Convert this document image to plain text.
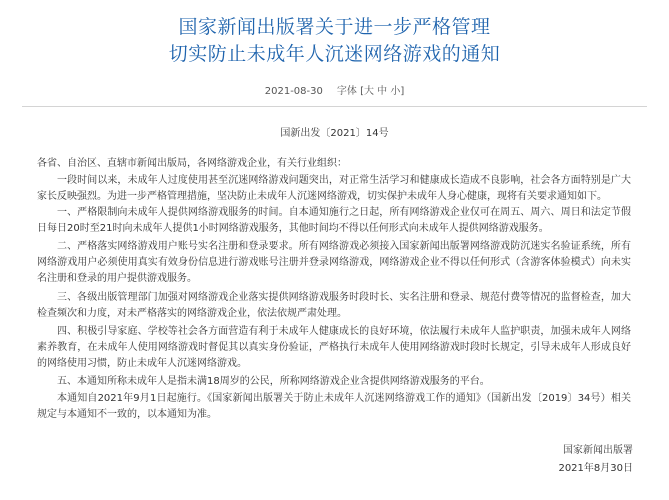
国家新闻出版署关于进一步严格管理
切实防止未成年人沉迷网络游戏的通知
2021-08-30 字体 [大 中 小]
国新出发〔2021〕14号

各省、自治区、直辖市新闻出版局，各网络游戏企业，有关行业组织：

一段时间以来，未成年人过度使用甚至沉迷网络游戏问题突出，对正常生活学习和健康成长造成不良影响，社会各方面特别是广大家长反映强烈。为进一步严格管理措施，坚决防止未成年人沉迷网络游戏，切实保护未成年人身心健康，现将有关要求通知如下。

一、严格限制向未成年人提供网络游戏服务的时间。自本通知施行之日起，所有网络游戏企业仅可在周五、周六、周日和法定节假日每日20时至21时向未成年人提供1小时网络游戏服务，其他时间均不得以任何形式向未成年人提供网络游戏服务。

二、严格落实网络游戏用户账号实名注册和登录要求。所有网络游戏必须接入国家新闻出版署网络游戏防沉迷实名验证系统，所有网络游戏用户必须使用真实有效身份信息进行游戏账号注册并登录网络游戏，网络游戏企业不得以任何形式（含游客体验模式）向未实名注册和登录的用户提供游戏服务。

三、各级出版管理部门加强对网络游戏企业落实提供网络游戏服务时段时长、实名注册和登录、规范付费等情况的监督检查，加大检查频次和力度，对未严格落实的网络游戏企业，依法依规严肃处理。

四、积极引导家庭、学校等社会各方面营造有利于未成年人健康成长的良好环境，依法履行未成年人监护职责，加强未成年人网络素养教育，在未成年人使用网络游戏时督促其以真实身份验证，严格执行未成年人使用网络游戏时段时长规定，引导未成年人形成良好的网络使用习惯，防止未成年人沉迷网络游戏。

五、本通知所称未成年人是指未满18周岁的公民，所称网络游戏企业含提供网络游戏服务的平台。

本通知自2021年9月1日起施行。《国家新闻出版署关于防止未成年人沉迷网络游戏工作的通知》（国新出发〔2019〕34号）相关规定与本通知不一致的，以本通知为准。

国家新闻出版署
2021年8月30日
